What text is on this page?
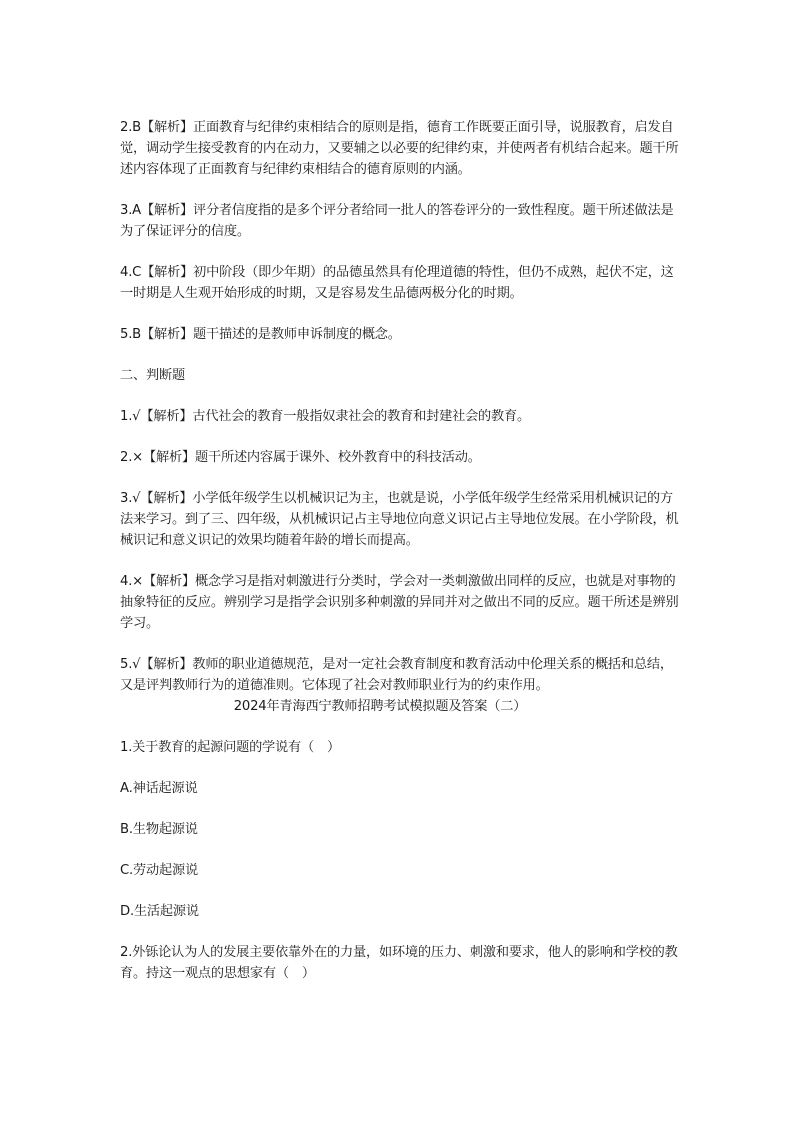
2.B【解析】正面教育与纪律约束相结合的原则是指，德育工作既要正面引导，说服教育，启发自觉，调动学生接受教育的内在动力，又要辅之以必要的纪律约束，并使两者有机结合起来。题干所述内容体现了正面教育与纪律约束相结合的德育原则的内涵。

3.A【解析】评分者信度指的是多个评分者给同一批人的答卷评分的一致性程度。题干所述做法是为了保证评分的信度。

4.C【解析】初中阶段（即少年期）的品德虽然具有伦理道德的特性，但仍不成熟，起伏不定，这一时期是人生观开始形成的时期，又是容易发生品德两极分化的时期。

5.B【解析】题干描述的是教师申诉制度的概念。

二、判断题

1.√【解析】古代社会的教育一般指奴隶社会的教育和封建社会的教育。

2.×【解析】题干所述内容属于课外、校外教育中的科技活动。

3.√【解析】小学低年级学生以机械识记为主，也就是说，小学低年级学生经常采用机械识记的方法来学习。到了三、四年级，从机械识记占主导地位向意义识记占主导地位发展。在小学阶段，机械识记和意义识记的效果均随着年龄的增长而提高。

4.×【解析】概念学习是指对刺激进行分类时，学会对一类刺激做出同样的反应，也就是对事物的抽象特征的反应。辨别学习是指学会识别多种刺激的异同并对之做出不同的反应。题干所述是辨别学习。

5.√【解析】教师的职业道德规范，是对一定社会教育制度和教育活动中伦理关系的概括和总结，又是评判教师行为的道德准则。它体现了社会对教师职业行为的约束作用。

2024年青海西宁教师招聘考试模拟题及答案（二）

1.关于教育的起源问题的学说有（　）

A.神话起源说

B.生物起源说

C.劳动起源说

D.生活起源说

2.外铄论认为人的发展主要依靠外在的力量，如环境的压力、刺激和要求，他人的影响和学校的教育。持这一观点的思想家有（　）
